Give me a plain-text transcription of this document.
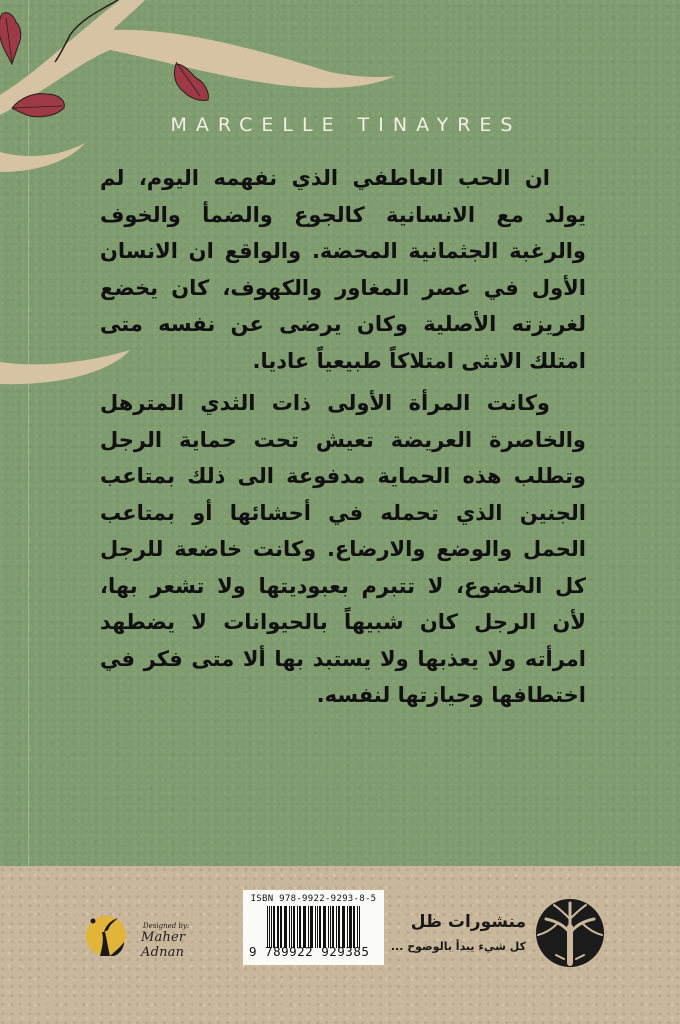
MARCELLE TINAYRES

ان الحب العاطفي الذي نفهمه اليوم، لم يولد مع الانسانية كالجوع والضمأ والخوف والرغبة الجثمانية المحضة. والواقع ان الانسان الأول في عصر المغاور والكهوف، كان يخضع لغريزته الأصلية وكان يرضى عن نفسه متى امتلك الانثى امتلاكاً طبيعياً عاديا.

وكانت المرأة الأولى ذات الثدي المترهل والخاصرة العريضة تعيش تحت حماية الرجل وتطلب هذه الحماية مدفوعة الى ذلك بمتاعب الجنين الذي تحمله في أحشائها أو بمتاعب الحمل والوضع والارضاع. وكانت خاضعة للرجل كل الخضوع، لا تتبرم بعبوديتها ولا تشعر بها، لأن الرجل كان شبيهاً بالحيوانات لا يضطهد امرأته ولا يعذبها ولا يستبد بها ألا متى فكر في اختطافها وحيازتها لنفسه.

Designed by:
Maher Adnan
ISBN 978-9922-9293-8-5
9 789922 929385
منشورات ظل
كل شيء يبدأ بالوضوح ...
